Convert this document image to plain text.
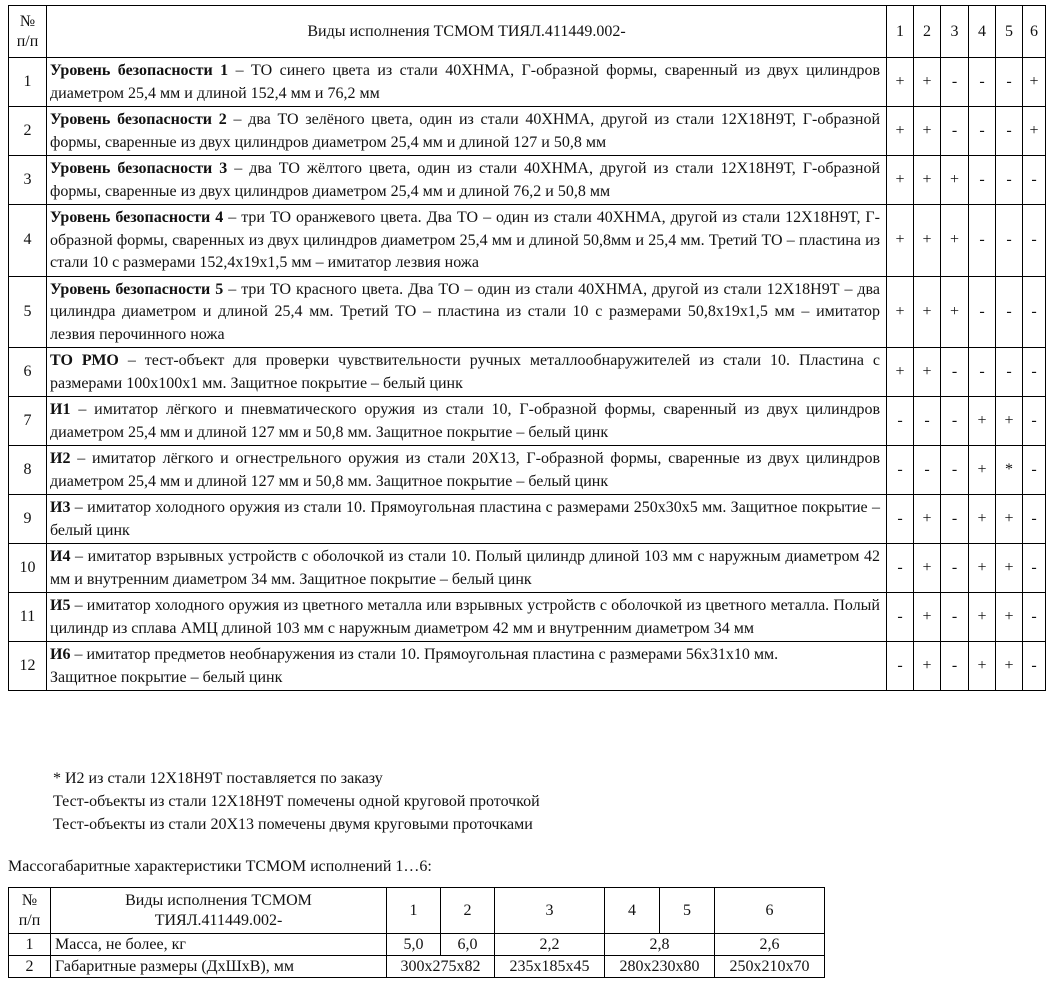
№
п/п	Виды исполнения ТСМОМ ТИЯЛ.411449.002-	1	2	3	4	5	6
1	Уровень безопасности 1 – ТО синего цвета из стали 40ХНМА, Г-образной формы, сваренный из двух цилиндров диаметром 25,4 мм и длиной 152,4 мм и 76,2 мм	+	+	-	-	-	+
2	Уровень безопасности 2 – два ТО зелёного цвета, один из стали 40ХНМА, другой из стали 12Х18Н9Т, Г-образной формы, сваренные из двух цилиндров диаметром 25,4 мм и длиной 127 и 50,8 мм	+	+	-	-	-	+
3	Уровень безопасности 3 – два ТО жёлтого цвета, один из стали 40ХНМА, другой из стали 12Х18Н9Т, Г-образной формы, сваренные из двух цилиндров диаметром 25,4 мм и длиной 76,2 и 50,8 мм	+	+	+	-	-	-
4	Уровень безопасности 4 – три ТО оранжевого цвета. Два ТО – один из стали 40ХНМА, другой из стали 12Х18Н9Т, Г-образной формы, сваренных из двух цилиндров диаметром 25,4 мм и длиной 50,8мм и 25,4 мм. Третий ТО – пластина из стали 10 с размерами 152,4х19х1,5 мм – имитатор лезвия ножа	+	+	+	-	-	-
5	Уровень безопасности 5 – три ТО красного цвета. Два ТО – один из стали 40ХНМА, другой из стали 12Х18Н9Т – два цилиндра диаметром и длиной 25,4 мм. Третий ТО – пластина из стали 10 с размерами 50,8х19х1,5 мм – имитатор лезвия перочинного ножа	+	+	+	-	-	-
6	ТО РМО – тест-объект для проверки чувствительности ручных металлообнаружителей из стали 10. Пластина с размерами 100х100х1 мм. Защитное покрытие – белый цинк	+	+	-	-	-	-
7	И1 – имитатор лёгкого и пневматического оружия из стали 10, Г-образной формы, сваренный из двух цилиндров диаметром 25,4 мм и длиной 127 мм и 50,8 мм. Защитное покрытие – белый цинк	-	-	-	+	+	-
8	И2 – имитатор лёгкого и огнестрельного оружия из стали 20Х13, Г-образной формы, сваренные из двух цилиндров диаметром 25,4 мм и длиной 127 мм и 50,8 мм. Защитное покрытие – белый цинк	-	-	-	+	*	-
9	И3 – имитатор холодного оружия из стали 10. Прямоугольная пластина с размерами 250х30х5 мм. Защитное покрытие – белый цинк	-	+	-	+	+	-
10	И4 – имитатор взрывных устройств с оболочкой из стали 10. Полый цилиндр длиной 103 мм с наружным диаметром 42 мм и внутренним диаметром 34 мм. Защитное покрытие – белый цинк	-	+	-	+	+	-
11	И5 – имитатор холодного оружия из цветного металла или взрывных устройств с оболочкой из цветного металла. Полый цилиндр из сплава АМЦ длиной 103 мм с наружным диаметром 42 мм и внутренним диаметром 34 мм	-	+	-	+	+	-
12	И6 – имитатор предметов необнаружения из стали 10. Прямоугольная пластина с размерами 56х31х10 мм.
Защитное покрытие – белый цинк	-	+	-	+	+	-
* И2 из стали 12Х18Н9Т поставляется по заказу
Тест-объекты из стали 12Х18Н9Т помечены одной круговой проточкой
Тест-объекты из стали 20Х13 помечены двумя круговыми проточками
Массогабаритные характеристики ТСМОМ исполнений 1…6:
№
п/п	Виды исполнения ТСМОМ
ТИЯЛ.411449.002-	1	2	3	4	5	6
1	Масса, не более, кг	5,0	6,0	2,2	2,8		2,6
2	Габаритные размеры (ДхШхВ), мм	300х275х82		235х185х45	280х230х80		250х210х70
